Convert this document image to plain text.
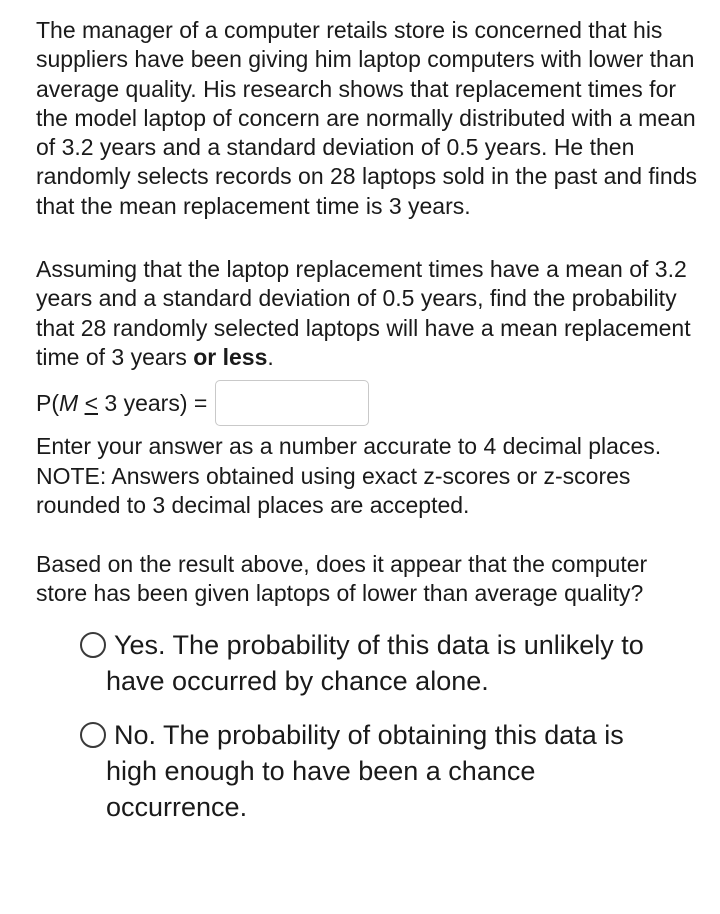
The manager of a computer retails store is concerned that his suppliers have been giving him laptop computers with lower than average quality. His research shows that replacement times for the model laptop of concern are normally distributed with a mean of 3.2 years and a standard deviation of 0.5 years. He then randomly selects records on 28 laptops sold in the past and finds that the mean replacement time is 3 years.

Assuming that the laptop replacement times have a mean of 3.2 years and a standard deviation of 0.5 years, find the probability that 28 randomly selected laptops will have a mean replacement time of 3 years or less.

P(M < 3 years) =

Enter your answer as a number accurate to 4 decimal places. NOTE: Answers obtained using exact z-scores or z-scores rounded to 3 decimal places are accepted.

Based on the result above, does it appear that the computer store has been given laptops of lower than average quality?

Yes. The probability of this data is unlikely to have occurred by chance alone.
No. The probability of obtaining this data is high enough to have been a chance occurrence.
